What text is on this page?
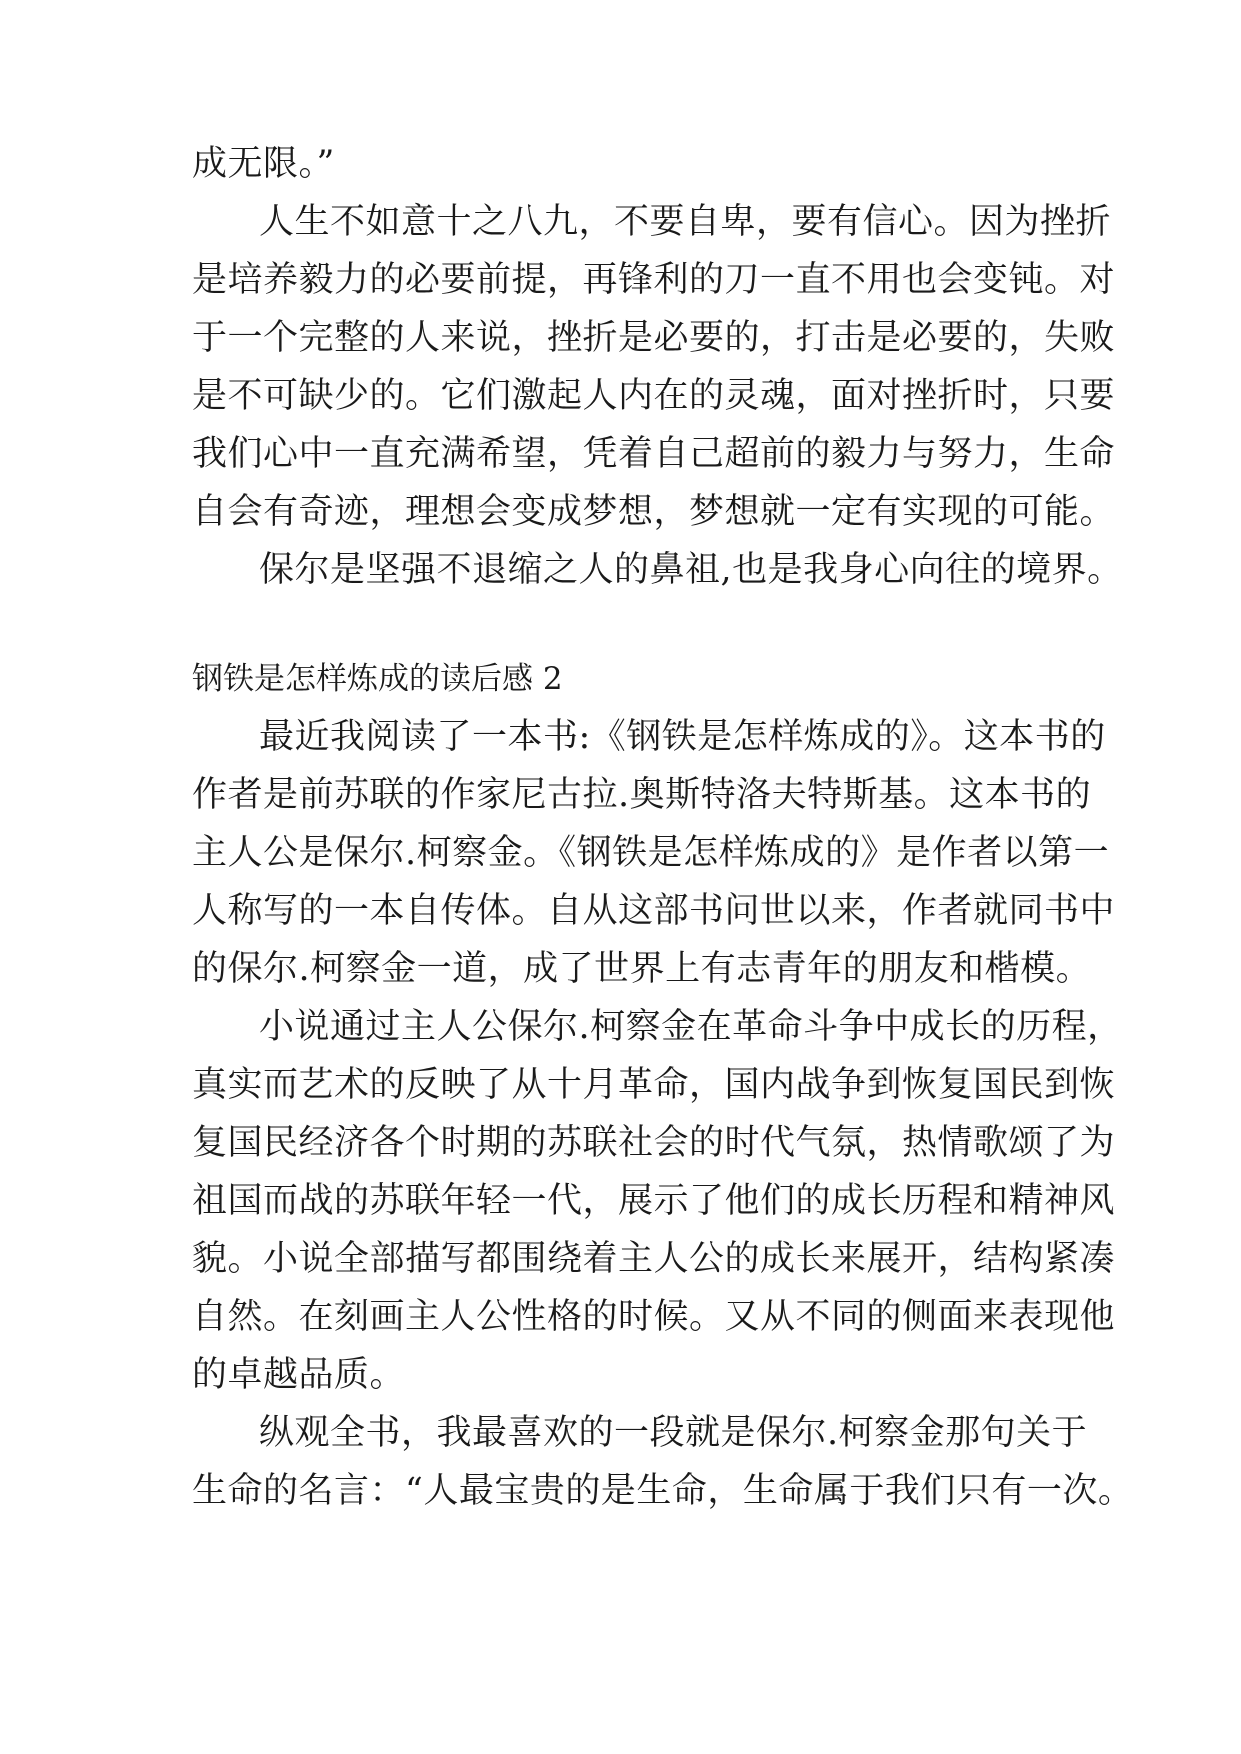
成无限。”
人生不如意十之八九，不要自卑，要有信心。因为挫折
是培养毅力的必要前提，再锋利的刀一直不用也会变钝。对
于一个完整的人来说，挫折是必要的，打击是必要的，失败
是不可缺少的。它们激起人内在的灵魂，面对挫折时，只要
我们心中一直充满希望，凭着自己超前的毅力与努力，生命
自会有奇迹，理想会变成梦想，梦想就一定有实现的可能。
保尔是坚强不退缩之人的鼻祖,也是我身心向往的境界。
钢铁是怎样炼成的读后感 2
最近我阅读了一本书:《钢铁是怎样炼成的》。这本书的
作者是前苏联的作家尼古拉.奥斯特洛夫特斯基。这本书的
主人公是保尔.柯察金。《钢铁是怎样炼成的》是作者以第一
人称写的一本自传体。自从这部书问世以来，作者就同书中
的保尔.柯察金一道，成了世界上有志青年的朋友和楷模。
小说通过主人公保尔.柯察金在革命斗争中成长的历程，
真实而艺术的反映了从十月革命，国内战争到恢复国民到恢
复国民经济各个时期的苏联社会的时代气氛，热情歌颂了为
祖国而战的苏联年轻一代，展示了他们的成长历程和精神风
貌。小说全部描写都围绕着主人公的成长来展开，结构紧凑
自然。在刻画主人公性格的时候。又从不同的侧面来表现他
的卓越品质。
纵观全书，我最喜欢的一段就是保尔.柯察金那句关于
生命的名言：“人最宝贵的是生命，生命属于我们只有一次。
